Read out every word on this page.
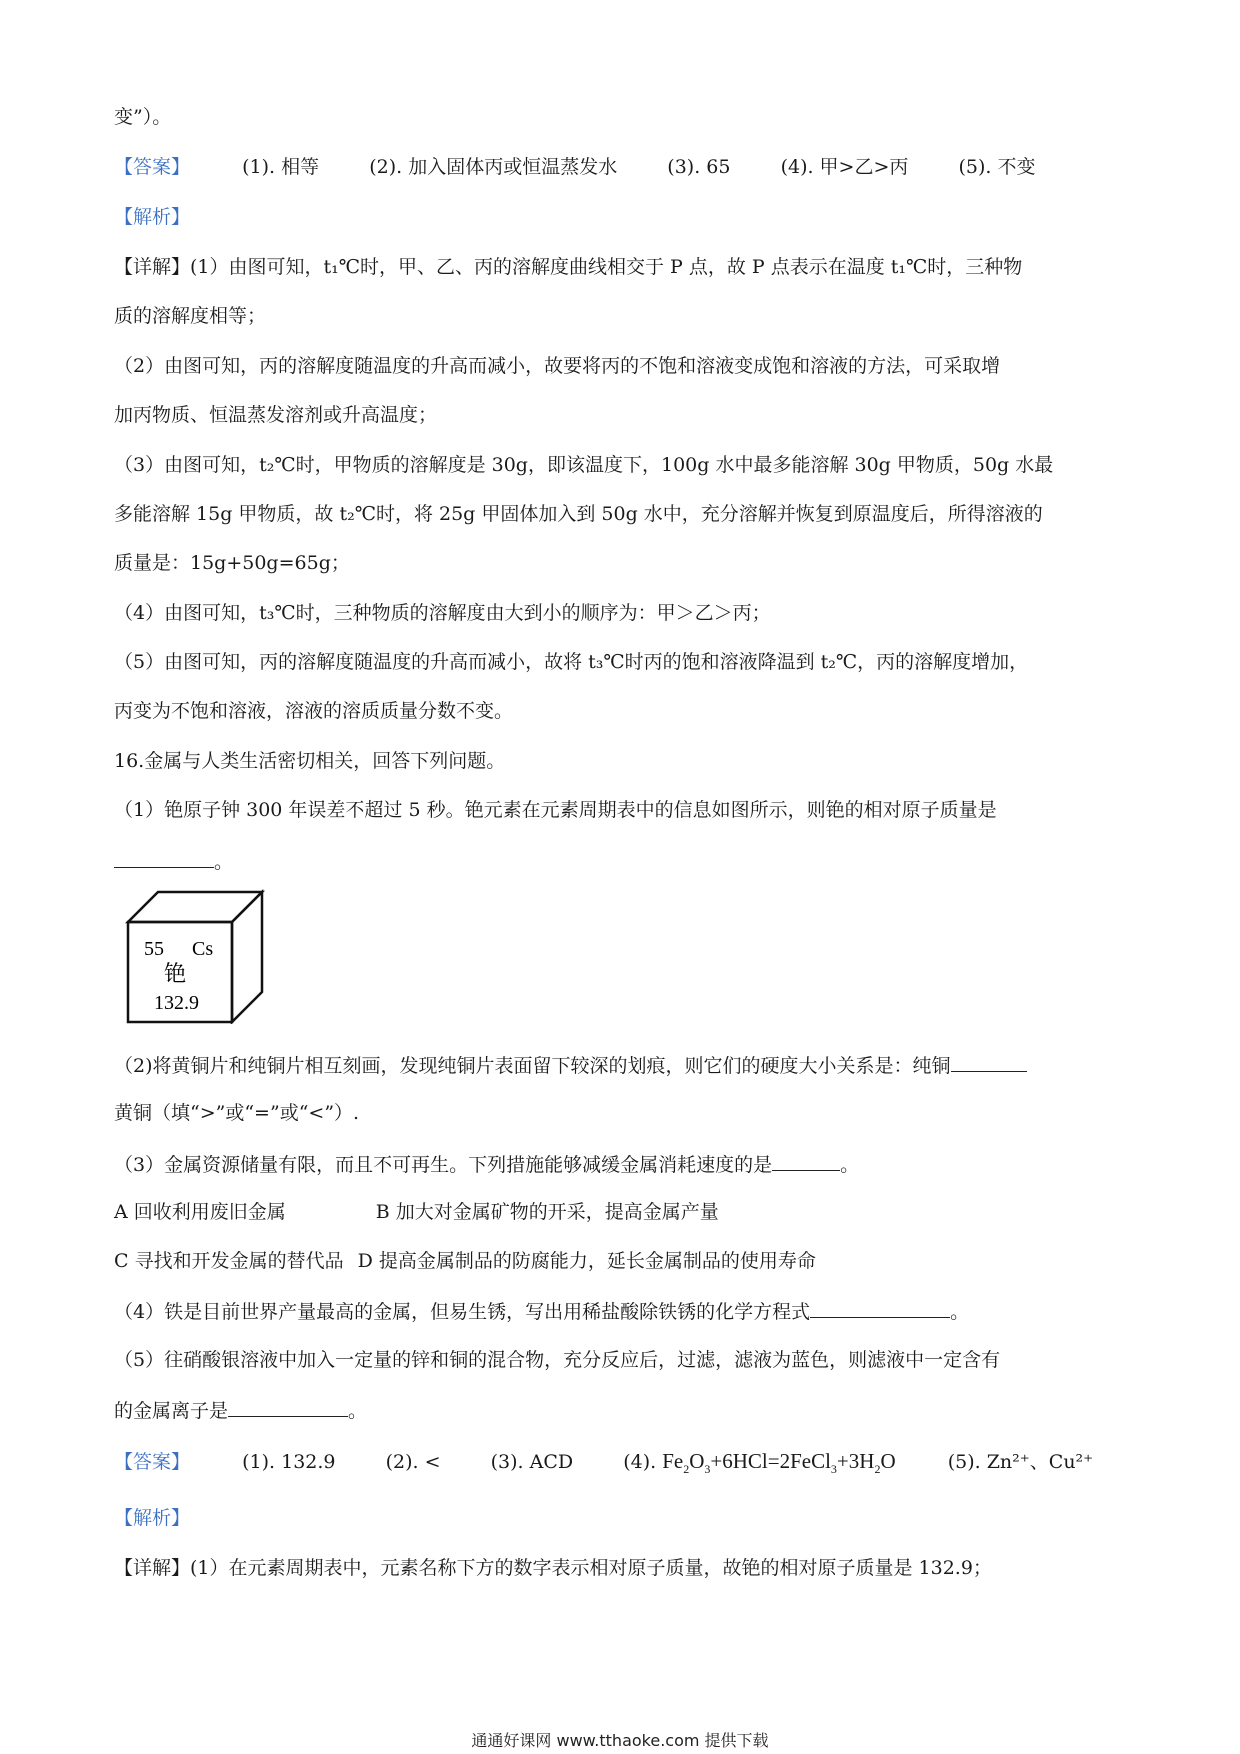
变”）。
【答案】	(1). 相等	(2). 加入固体丙或恒温蒸发水	(3). 65	(4). 甲>乙>丙	(5). 不变
【解析】
【详解】(1）由图可知，t₁℃时，甲、乙、丙的溶解度曲线相交于 P 点，故 P 点表示在温度 t₁℃时，三种物
质的溶解度相等；
（2）由图可知，丙的溶解度随温度的升高而减小，故要将丙的不饱和溶液变成饱和溶液的方法，可采取增
加丙物质、恒温蒸发溶剂或升高温度；
（3）由图可知，t₂℃时，甲物质的溶解度是 30g，即该温度下，100g 水中最多能溶解 30g 甲物质，50g 水最
多能溶解 15g 甲物质，故 t₂℃时，将 25g 甲固体加入到 50g 水中，充分溶解并恢复到原温度后，所得溶液的
质量是：15g+50g=65g；
（4）由图可知，t₃℃时，三种物质的溶解度由大到小的顺序为：甲＞乙＞丙；
（5）由图可知，丙的溶解度随温度的升高而减小，故将 t₃℃时丙的饱和溶液降温到 t₂℃，丙的溶解度增加，
丙变为不饱和溶液，溶液的溶质质量分数不变。
16.金属与人类生活密切相关，回答下列问题。
（1）铯原子钟 300 年误差不超过 5 秒。铯元素在元素周期表中的信息如图所示，则铯的相对原子质量是
。
55 Cs
铯
132.9
（2)将黄铜片和纯铜片相互刻画，发现纯铜片表面留下较深的划痕，则它们的硬度大小关系是：纯铜
黄铜（填“>”或“=”或“<”）.
（3）金属资源储量有限，而且不可再生。下列措施能够减缓金属消耗速度的是	。
A 回收利用废旧金属	B 加大对金属矿物的开采，提高金属产量
C 寻找和开发金属的替代品 D 提高金属制品的防腐能力，延长金属制品的使用寿命
（4）铁是目前世界产量最高的金属，但易生锈，写出用稀盐酸除铁锈的化学方程式	。
（5）往硝酸银溶液中加入一定量的锌和铜的混合物，充分反应后，过滤，滤液为蓝色，则滤液中一定含有
的金属离子是	。
【答案】	(1). 132.9	(2). <	(3). ACD	(4). $Fe_2O_3+6HCl=2FeCl_3+3H_2O$	(5). Zn²⁺、Cu²⁺
【解析】
【详解】(1）在元素周期表中，元素名称下方的数字表示相对原子质量，故铯的相对原子质量是 132.9；
通通好课网 www.tthaoke.com 提供下载
